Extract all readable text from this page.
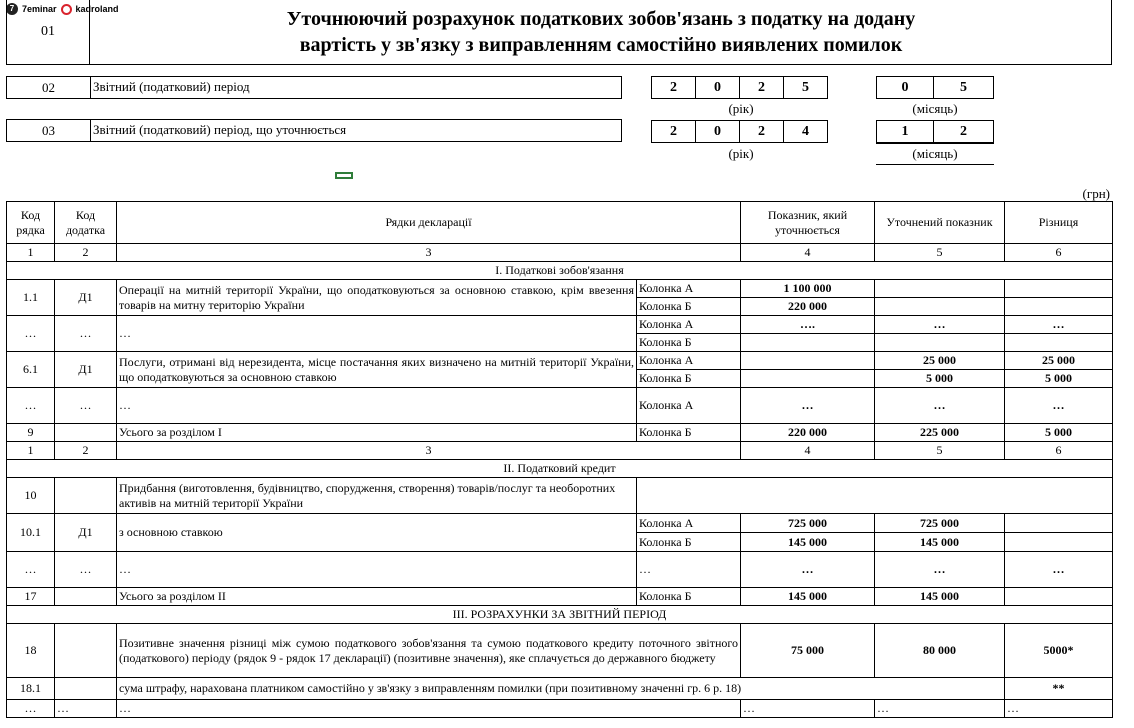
7 7eminar kadroland
01
Уточнюючий розрахунок податкових зобов'язань з податку на додану
вартість у зв'язку з виправленням самостійно виявлених помилок
02	Звітний (податковий) період	2	0	2	5	0	5
(рік)	(місяць)
03	Звітний (податковий) період, що уточнюється	2	0	2	4	1	2
(рік)	(місяць)
(грн)
Код рядка	Код додатка	Рядки декларації		Показник, який уточнюється	Уточнений показник	Різниця
1	2	3		4	5	6
I. Податкові зобов'язання						
1.1	Д1	Операції на митній території України, що оподатковуються за основною ставкою, крім ввезення товарів на митну територію України	Колонка А	1 100 000		
			Колонка Б	220 000		
…	…	…	Колонка А	….	…	…
			Колонка Б			
6.1	Д1	Послуги, отримані від нерезидента, місце постачання яких визначено на митній території України, що оподатковуються за основною ставкою	Колонка А		25 000	25 000
			Колонка Б		5 000	5 000
…	…	…	Колонка А	…	…	…
9		Усього за розділом I	Колонка Б	220 000	225 000	5 000
1	2	3		4	5	6
II. Податковий кредит						
10		Придбання (виготовлення, будівництво, спорудження, створення) товарів/послуг та необоротних активів на митній території України				
10.1	Д1	з основною ставкою	Колонка А	725 000	725 000	
			Колонка Б	145 000	145 000	
…	…	…	…	…	…	…
17		Усього за розділом II	Колонка Б	145 000	145 000	
III. РОЗРАХУНКИ ЗА ЗВІТНИЙ ПЕРІОД						
18		Позитивне значення різниці між сумою податкового зобов'язання та сумою податкового кредиту поточного звітного (податкового) періоду (рядок 9 - рядок 17 декларації) (позитивне значення), яке сплачується до державного бюджету		75 000	80 000	5000*
18.1		сума штрафу, нарахована платником самостійно у зв'язку з виправленням помилки (при позитивному значенні гр. 6 р. 18)				**
…	…	…		…	…	…
